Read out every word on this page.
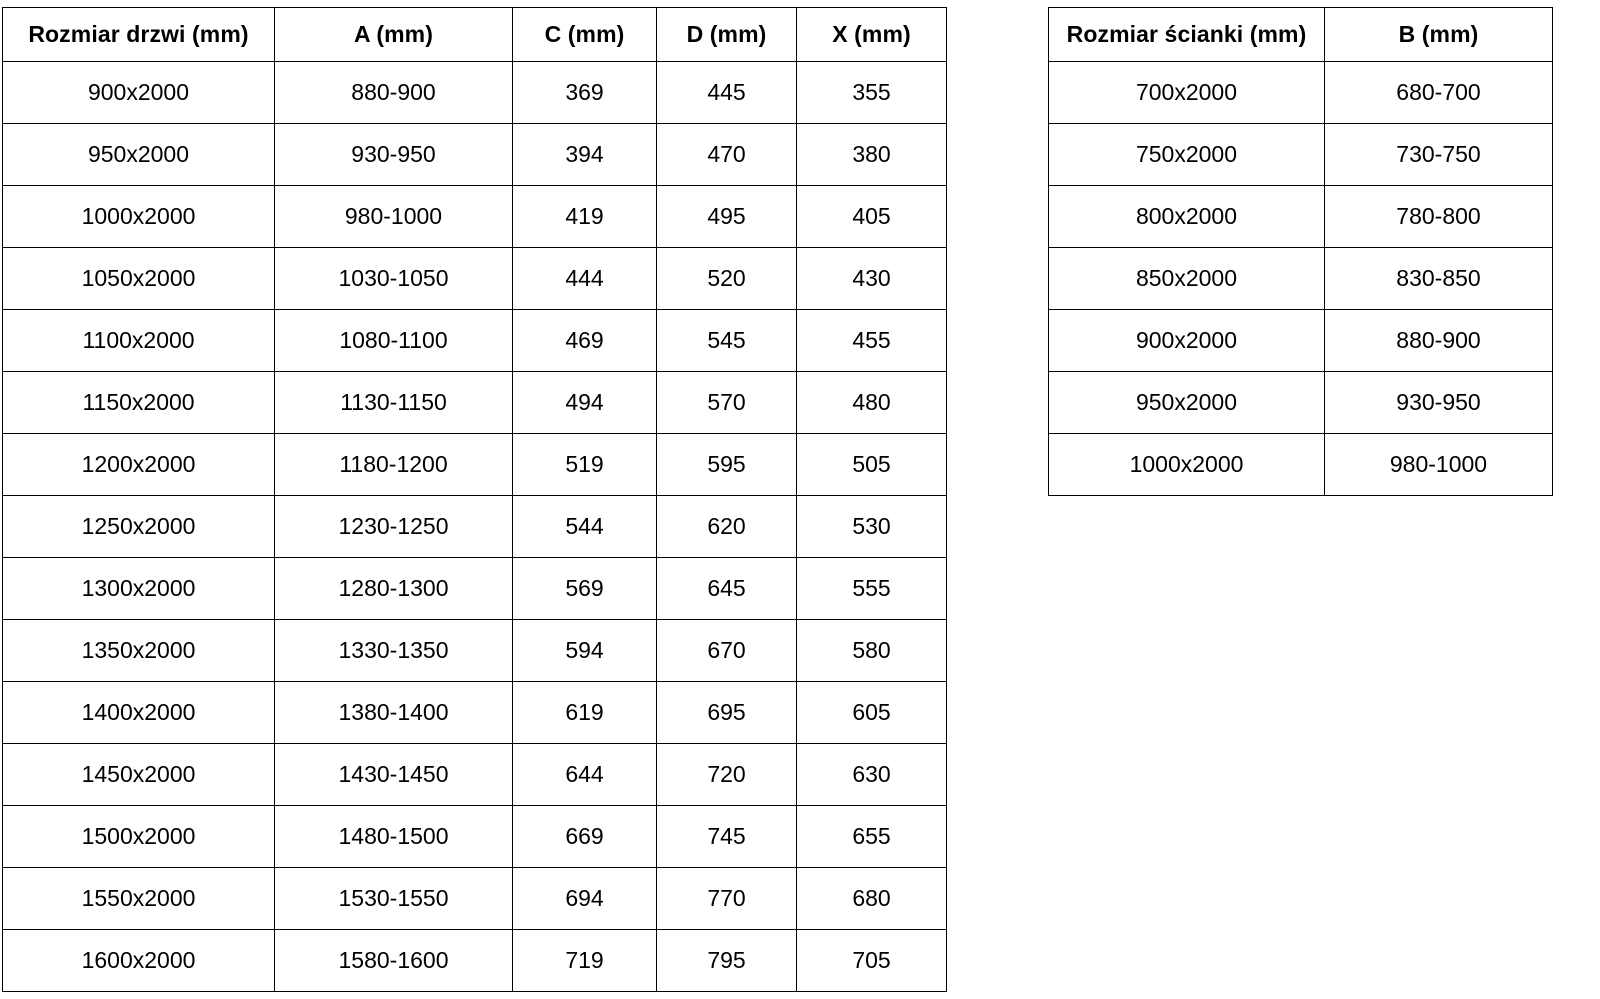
Rozmiar drzwi (mm)	A (mm)	C (mm)	D (mm)	X (mm)
900x2000	880-900	369	445	355
950x2000	930-950	394	470	380
1000x2000	980-1000	419	495	405
1050x2000	1030-1050	444	520	430
1100x2000	1080-1100	469	545	455
1150x2000	1130-1150	494	570	480
1200x2000	1180-1200	519	595	505
1250x2000	1230-1250	544	620	530
1300x2000	1280-1300	569	645	555
1350x2000	1330-1350	594	670	580
1400x2000	1380-1400	619	695	605
1450x2000	1430-1450	644	720	630
1500x2000	1480-1500	669	745	655
1550x2000	1530-1550	694	770	680
1600x2000	1580-1600	719	795	705
Rozmiar ścianki (mm)	B (mm)
700x2000	680-700
750x2000	730-750
800x2000	780-800
850x2000	830-850
900x2000	880-900
950x2000	930-950
1000x2000	980-1000
